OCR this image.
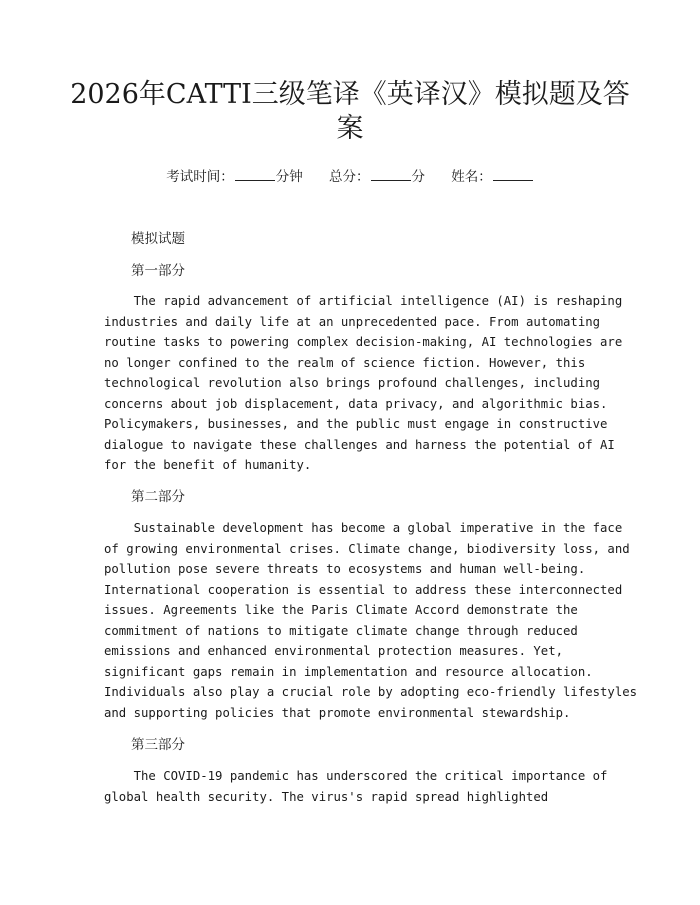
2026年CATTI三级笔译《英译汉》模拟题及答案
考试时间：	分钟 总分：	分 姓名：
模拟试题
第一部分
The rapid advancement of artificial intelligence (AI) is reshaping
industries and daily life at an unprecedented pace. From automating
routine tasks to powering complex decision-making, AI technologies are
no longer confined to the realm of science fiction. However, this
technological revolution also brings profound challenges, including
concerns about job displacement, data privacy, and algorithmic bias.
Policymakers, businesses, and the public must engage in constructive
dialogue to navigate these challenges and harness the potential of AI
for the benefit of humanity.
第二部分
Sustainable development has become a global imperative in the face
of growing environmental crises. Climate change, biodiversity loss, and
pollution pose severe threats to ecosystems and human well-being.
International cooperation is essential to address these interconnected
issues. Agreements like the Paris Climate Accord demonstrate the
commitment of nations to mitigate climate change through reduced
emissions and enhanced environmental protection measures. Yet,
significant gaps remain in implementation and resource allocation.
Individuals also play a crucial role by adopting eco-friendly lifestyles
and supporting policies that promote environmental stewardship.
第三部分
The COVID-19 pandemic has underscored the critical importance of
global health security. The virus's rapid spread highlighted
